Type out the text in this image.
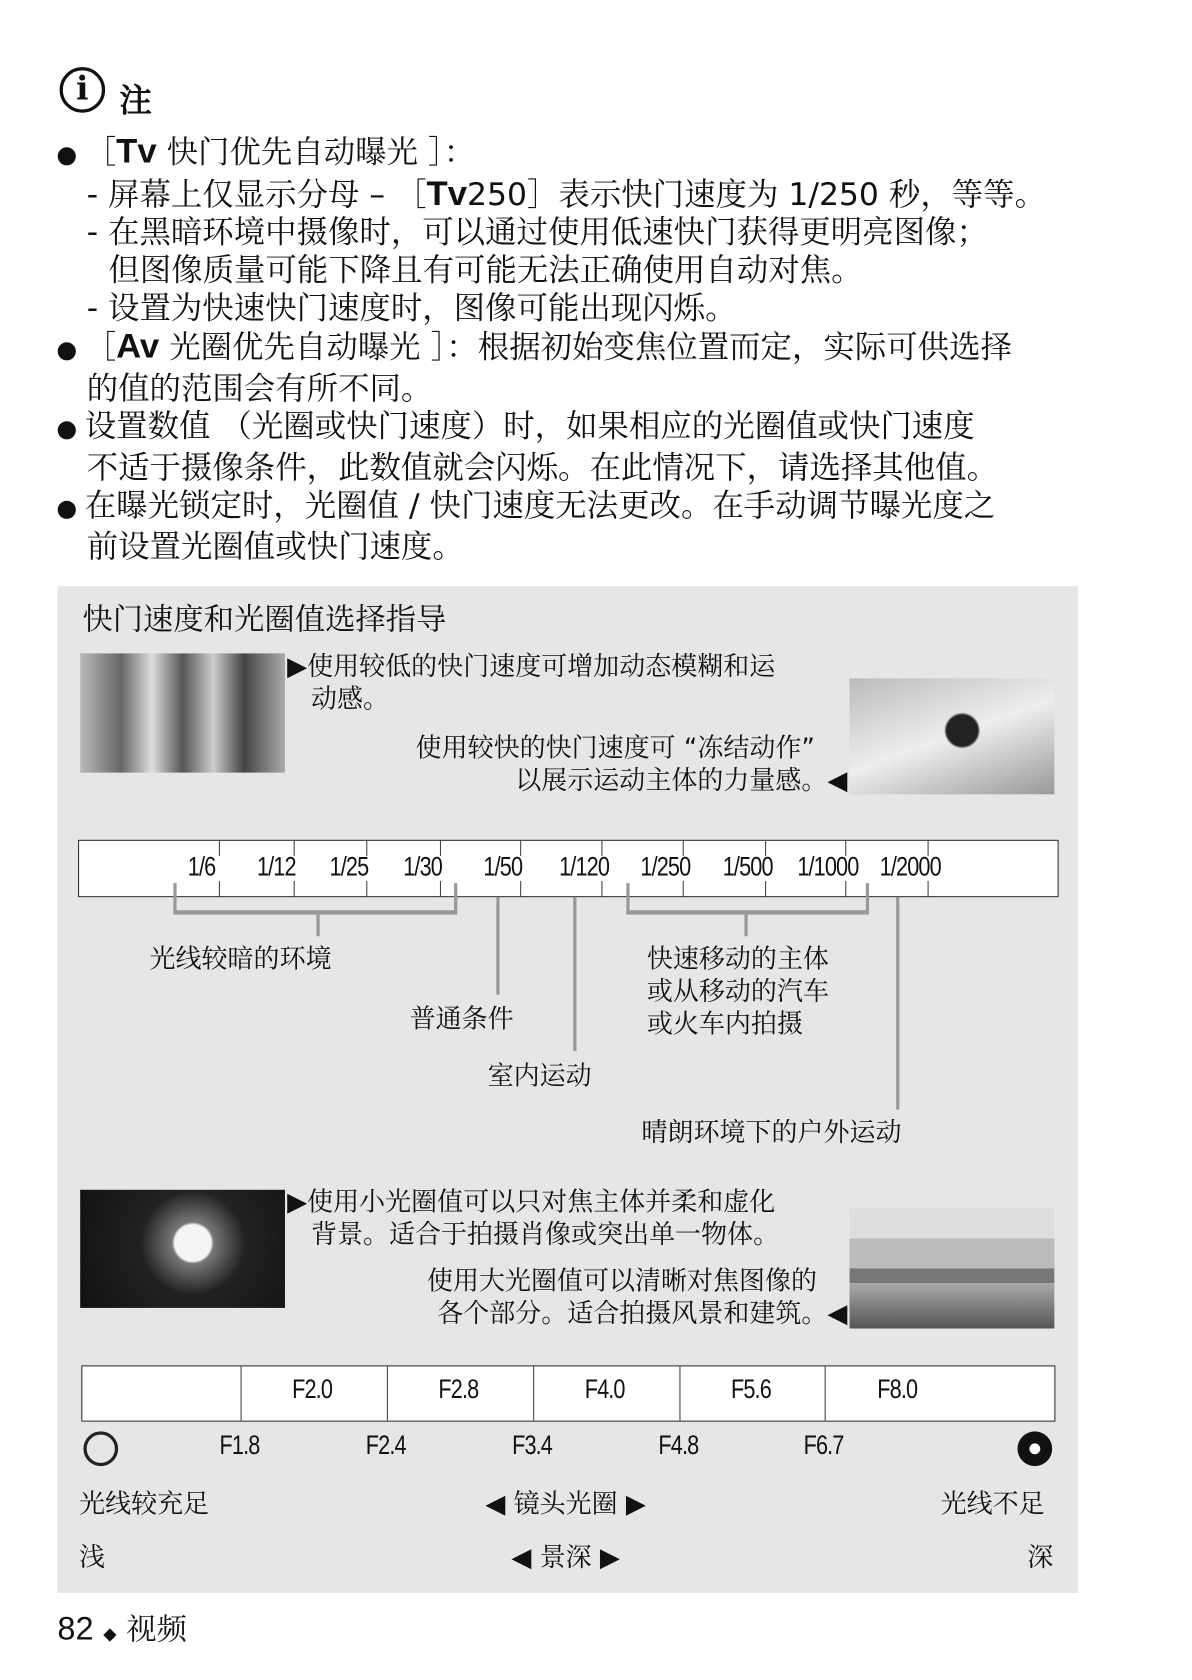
i	注
● ［Tv 快门优先自动曝光 ］：
- 屏幕上仅显示分母 – ［Tv250］表示快门速度为 1/250 秒，等等。
- 在黑暗环境中摄像时，可以通过使用低速快门获得更明亮图像；
但图像质量可能下降且有可能无法正确使用自动对焦。
- 设置为快速快门速度时，图像可能出现闪烁。
● ［Av 光圈优先自动曝光 ］：根据初始变焦位置而定，实际可供选择
的值的范围会有所不同。
● 设置数值 （光圈或快门速度）时，如果相应的光圈值或快门速度
不适于摄像条件，此数值就会闪烁。在此情况下，请选择其他值。
● 在曝光锁定时，光圈值 / 快门速度无法更改。在手动调节曝光度之
前设置光圈值或快门速度。
快门速度和光圈值选择指导
▶使用较低的快门速度可增加动态模糊和运
动感。
使用较快的快门速度可 “冻结动作”
以展示运动主体的力量感。◀
1/6 1/12 1/25 1/30 1/50 1/120 1/250 1/500 1/1000 1/2000
光线较暗的环境
普通条件
室内运动
快速移动的主体
或从移动的汽车
或火车内拍摄
晴朗环境下的户外运动
▶使用小光圈值可以只对焦主体并柔和虚化
背景。适合于拍摄肖像或突出单一物体。
使用大光圈值可以清晰对焦图像的
各个部分。适合拍摄风景和建筑。◀
F2.0	F2.8	F4.0	F5.6	F8.0
F1.8	F2.4	F3.4	F4.8	F6.7
光线较充足	◀ 镜头光圈 ▶	光线不足
浅	◀ 景深 ▶	深
82 ◆ 视频
